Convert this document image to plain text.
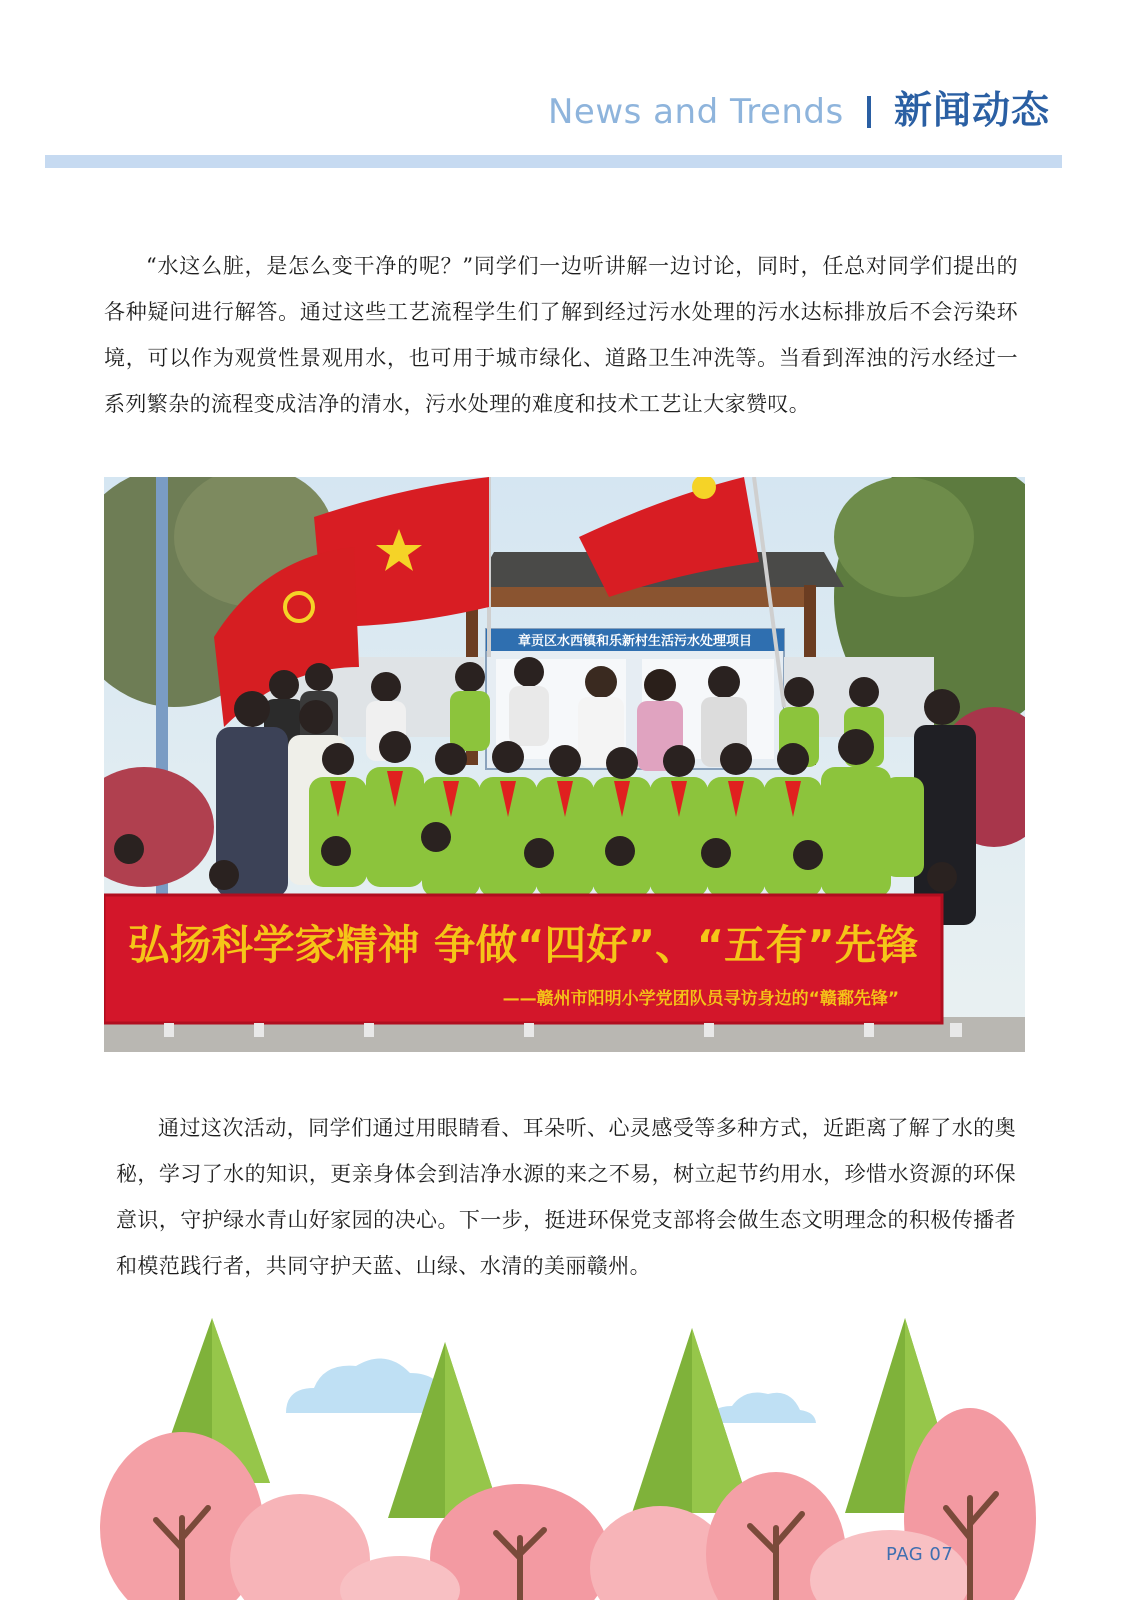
News and Trends 新闻动态

“水这么脏，是怎么变干净的呢？”同学们一边听讲解一边讨论，同时，任总对同学们提出的各种疑问进行解答。通过这些工艺流程学生们了解到经过污水处理的污水达标排放后不会污染环境，可以作为观赏性景观用水，也可用于城市绿化、道路卫生冲洗等。当看到浑浊的污水经过一系列繁杂的流程变成洁净的清水，污水处理的难度和技术工艺让大家赞叹。

章贡区水西镇和乐新村生活污水处理项目
弘扬科学家精神 争做“四好”、“五有”先锋
——赣州市阳明小学党团队员寻访身边的“赣鄱先锋”

通过这次活动，同学们通过用眼睛看、耳朵听、心灵感受等多种方式，近距离了解了水的奥秘，学习了水的知识，更亲身体会到洁净水源的来之不易，树立起节约用水，珍惜水资源的环保意识，守护绿水青山好家园的决心。下一步，挺进环保党支部将会做生态文明理念的积极传播者和模范践行者，共同守护天蓝、山绿、水清的美丽赣州。

PAG 07
